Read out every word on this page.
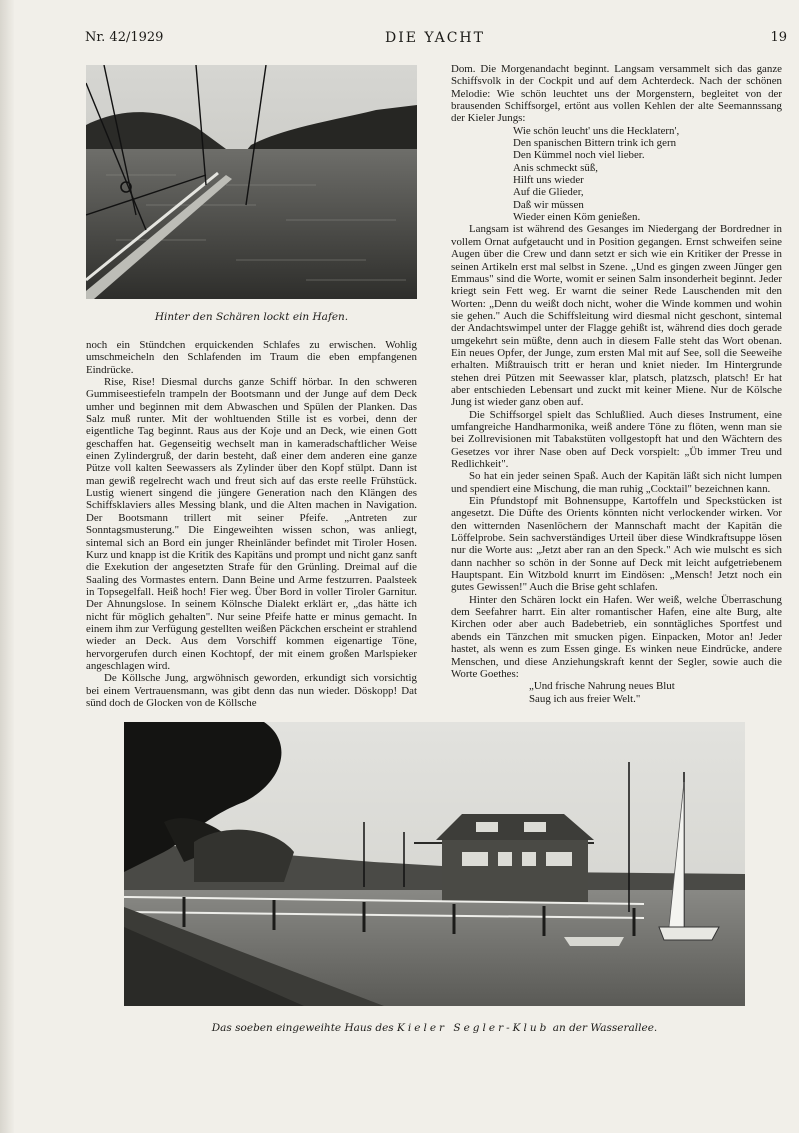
Nr. 42/1929	DIE YACHT	19
Hinter den Schären lockt ein Hafen.

noch ein Stündchen erquickenden Schlafes zu erwischen. Wohlig umschmeicheln den Schlafenden im Traum die eben empfangenen Eindrücke.

Rise, Rise! Diesmal durchs ganze Schiff hörbar. In den schweren Gummiseestiefeln trampeln der Bootsmann und der Junge auf dem Deck umher und beginnen mit dem Abwaschen und Spülen der Planken. Das Salz muß runter. Mit der wohltuenden Stille ist es vorbei, denn der eigentliche Tag beginnt. Raus aus der Koje und an Deck, wie einen Gott geschaffen hat. Gegenseitig wechselt man in kameradschaftlicher Weise einen Zylindergruß, der darin besteht, daß einer dem anderen eine ganze Pütze voll kalten Seewassers als Zylinder über den Kopf stülpt. Dann ist man gewiß regelrecht wach und freut sich auf das erste reelle Frühstück. Lustig wienert singend die jüngere Generation nach den Klängen des Schiffsklaviers alles Messing blank, und die Alten machen in Navigation. Der Bootsmann trillert mit seiner Pfeife. „Antreten zur Sonntagsmusterung." Die Eingeweihten wissen schon, was anliegt, sintemal sich an Bord ein junger Rheinländer befindet mit Tiroler Hosen. Kurz und knapp ist die Kritik des Kapitäns und prompt und nicht ganz sanft die Exekution der angesetzten Strafe für den Grünling. Dreimal auf die Saaling des Vormastes entern. Dann Beine und Arme festzurren. Paalsteek in Topsegelfall. Heiß hoch! Fier weg. Über Bord in voller Tiroler Garnitur. Der Ahnungslose. In seinem Kölnsche Dialekt erklärt er, „das hätte ich nicht für möglich gehalten". Nur seine Pfeife hatte er minus gemacht. In einem ihm zur Verfügung gestellten weißen Päckchen erscheint er strahlend wieder an Deck. Aus dem Vorschiff kommen eigenartige Töne, hervorgerufen durch einen Kochtopf, der mit einem großen Marlspieker angeschlagen wird.

De Köllsche Jung, argwöhnisch geworden, erkundigt sich vorsichtig bei einem Vertrauensmann, was gibt denn das nun wieder. Döskopp! Dat sünd doch de Glocken von de Köllsche

Dom. Die Morgenandacht beginnt. Langsam versammelt sich das ganze Schiffsvolk in der Cockpit und auf dem Achterdeck. Nach der schönen Melodie: Wie schön leuchtet uns der Morgenstern, begleitet von der brausenden Schiffsorgel, ertönt aus vollen Kehlen der alte Seemannssang der Kieler Jungs:

Wie schön leucht' uns die Hecklatern',
Den spanischen Bittern trink ich gern
Den Kümmel noch viel lieber.
Anis schmeckt süß,
Hilft uns wieder
Auf die Glieder,
Daß wir müssen
Wieder einen Köm genießen.

Langsam ist während des Gesanges im Niedergang der Bordredner in vollem Ornat aufgetaucht und in Position gegangen. Ernst schweifen seine Augen über die Crew und dann setzt er sich wie ein Kritiker der Presse in seinen Artikeln erst mal selbst in Szene. „Und es gingen zween Jünger gen Emmaus" sind die Worte, womit er seinen Salm insonderheit beginnt. Jeder kriegt sein Fett weg. Er warnt die seiner Rede Lauschenden mit den Worten: „Denn du weißt doch nicht, woher die Winde kommen und wohin sie gehen." Auch die Schiffsleitung wird diesmal nicht geschont, sintemal der Andachtswimpel unter der Flagge gehißt ist, während dies doch gerade umgekehrt sein müßte, denn auch in diesem Falle steht das Wort obenan. Ein neues Opfer, der Junge, zum ersten Mal mit auf See, soll die Seeweihe erhalten. Mißtrauisch tritt er heran und kniet nieder. Im Hintergrunde stehen drei Pützen mit Seewasser klar, platsch, platzsch, platsch! Er hat aber entschieden Lebensart und zuckt mit keiner Miene. Nur de Kölsche Jung ist wieder ganz oben auf.

Die Schiffsorgel spielt das Schlußlied. Auch dieses Instrument, eine umfangreiche Handharmonika, weiß andere Töne zu flöten, wenn man sie bei Zollrevisionen mit Tabakstüten vollgestopft hat und den Wächtern des Gesetzes vor ihrer Nase oben auf Deck vorspielt: „Üb immer Treu und Redlichkeit".

So hat ein jeder seinen Spaß. Auch der Kapitän läßt sich nicht lumpen und spendiert eine Mischung, die man ruhig „Cocktail" bezeichnen kann.

Ein Pfundstopf mit Bohnensuppe, Kartoffeln und Speckstücken ist angesetzt. Die Düfte des Orients könnten nicht verlockender wirken. Vor den witternden Nasenlöchern der Mannschaft macht der Kapitän die Löffelprobe. Sein sachverständiges Urteil über diese Windkraftsuppe lösen nur die Worte aus: „Jetzt aber ran an den Speck." Ach wie mulscht es sich dann nachher so schön in der Sonne auf Deck mit leicht aufgetriebenem Hauptspant. Ein Witzbold knurrt im Eindösen: „Mensch! Jetzt noch ein gutes Gewissen!" Auch die Brise geht schlafen.

Hinter den Schären lockt ein Hafen. Wer weiß, welche Überraschung dem Seefahrer harrt. Ein alter romantischer Hafen, eine alte Burg, alte Kirchen oder aber auch Badebetrieb, ein sonntägliches Sportfest und abends ein Tänzchen mit smucken pigen. Einpacken, Motor an! Jeder hastet, als wenn es zum Essen ginge. Es winken neue Eindrücke, andere Menschen, und diese Anziehungskraft kennt der Segler, sowie auch die Worte Goethes:

„Und frische Nahrung neues Blut
Saug ich aus freier Welt."
Das soeben eingeweihte Haus des Kieler Segler-Klub an der Wasserallee.
